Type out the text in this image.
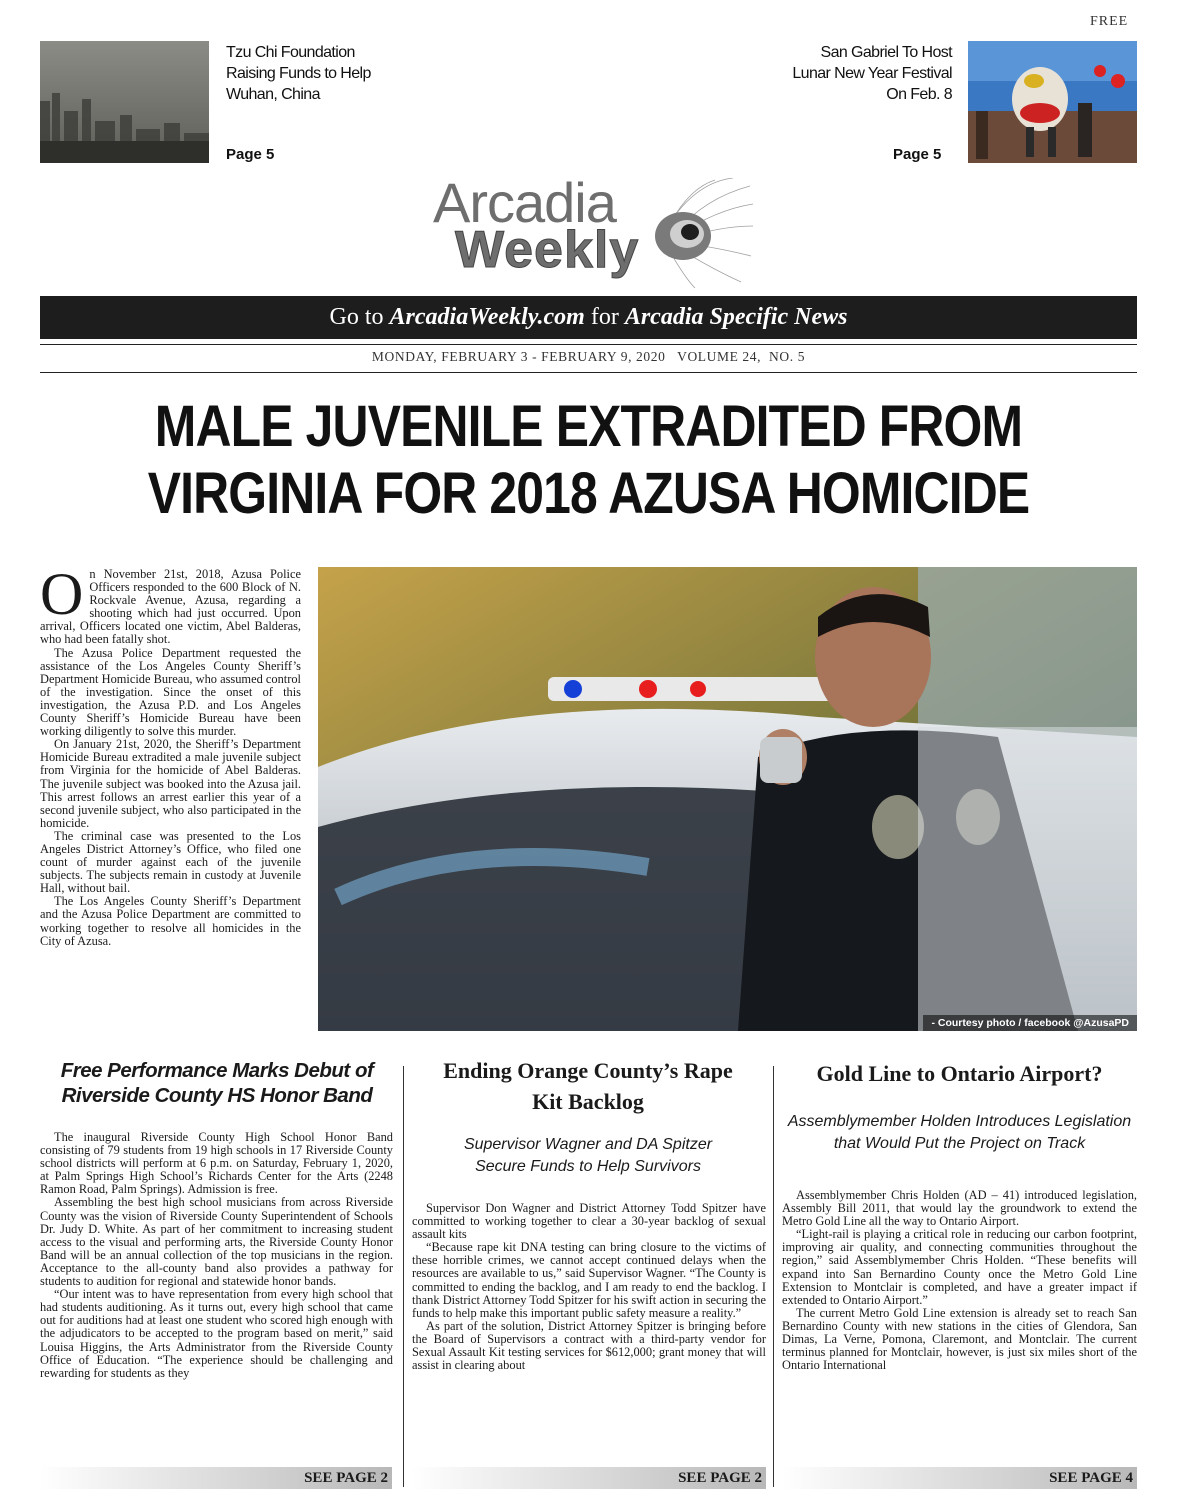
FREE
Tzu Chi Foundation Raising Funds to Help Wuhan, China
Page 5
San Gabriel To Host Lunar New Year Festival On Feb. 8
Page 5
Arcadia
Weekly
Go to ArcadiaWeekly.com for Arcadia Specific News
MONDAY, FEBRUARY 3 - FEBRUARY 9, 2020   VOLUME 24,  NO. 5
MALE JUVENILE EXTRADITED FROM
VIRGINIA FOR 2018 AZUSA HOMICIDE
O n November 21st, 2018, Azusa Police Officers responded to the 600 Block of N. Rockvale Avenue, Azusa, regarding a shooting which had just occurred. Upon arrival, Officers located one victim, Abel Balderas, who had been fatally shot.

The Azusa Police Department requested the assistance of the Los Angeles County Sheriff’s Department Homicide Bureau, who assumed control of the investigation. Since the onset of this investigation, the Azusa P.D. and Los Angeles County Sheriff’s Homicide Bureau have been working diligently to solve this murder.

On January 21st, 2020, the Sheriff’s Department Homicide Bureau extradited a male juvenile subject from Virginia for the homicide of Abel Balderas. The juvenile subject was booked into the Azusa jail. This arrest follows an arrest earlier this year of a second juvenile subject, who also participated in the homicide.

The criminal case was presented to the Los Angeles District Attorney’s Office, who filed one count of murder against each of the juvenile subjects. The subjects remain in custody at Juvenile Hall, without bail.

The Los Angeles County Sheriff’s Department and the Azusa Police Department are committed to working together to resolve all homicides in the City of Azusa.

- Courtesy photo / facebook @AzusaPD
Free Performance Marks Debut of Riverside County HS Honor Band

The inaugural Riverside County High School Honor Band consisting of 79 students from 19 high schools in 17 Riverside County school districts will perform at 6 p.m. on Saturday, February 1, 2020, at Palm Springs High School’s Richards Center for the Arts (2248 Ramon Road, Palm Springs). Admission is free.

Assembling the best high school musicians from across Riverside County was the vision of Riverside County Superintendent of Schools Dr. Judy D. White. As part of her commitment to increasing student access to the visual and performing arts, the Riverside County Honor Band will be an annual collection of the top musicians in the region. Acceptance to the all-county band also provides a pathway for students to audition for regional and statewide honor bands.

“Our intent was to have representation from every high school that had students auditioning. As it turns out, every high school that came out for auditions had at least one student who scored high enough with the adjudicators to be accepted to the program based on merit,” said Louisa Higgins, the Arts Administrator from the Riverside County Office of Education. “The experience should be challenging and rewarding for students as they

SEE PAGE 2
Ending Orange County’s Rape Kit Backlog
Supervisor Wagner and DA Spitzer Secure Funds to Help Survivors

Supervisor Don Wagner and District Attorney Todd Spitzer have committed to working together to clear a 30-year backlog of sexual assault kits

“Because rape kit DNA testing can bring closure to the victims of these horrible crimes, we cannot accept continued delays when the resources are available to us,” said Supervisor Wagner. “The County is committed to ending the backlog, and I am ready to end the backlog. I thank District Attorney Todd Spitzer for his swift action in securing the funds to help make this important public safety measure a reality.”

As part of the solution, District Attorney Spitzer is bringing before the Board of Supervisors a contract with a third-party vendor for Sexual Assault Kit testing services for $612,000; grant money that will assist in clearing about

SEE PAGE 2
Gold Line to Ontario Airport?
Assemblymember Holden Introduces Legislation that Would Put the Project on Track

Assemblymember Chris Holden (AD – 41) introduced legislation, Assembly Bill 2011, that would lay the groundwork to extend the Metro Gold Line all the way to Ontario Airport.

“Light-rail is playing a critical role in reducing our carbon footprint, improving air quality, and connecting communities throughout the region,” said Assemblymember Chris Holden. “These benefits will expand into San Bernardino County once the Metro Gold Line Extension to Montclair is completed, and have a greater impact if extended to Ontario Airport.”

The current Metro Gold Line extension is already set to reach San Bernardino County with new stations in the cities of Glendora, San Dimas, La Verne, Pomona, Claremont, and Montclair. The current terminus planned for Montclair, however, is just six miles short of the Ontario International

SEE PAGE 4
